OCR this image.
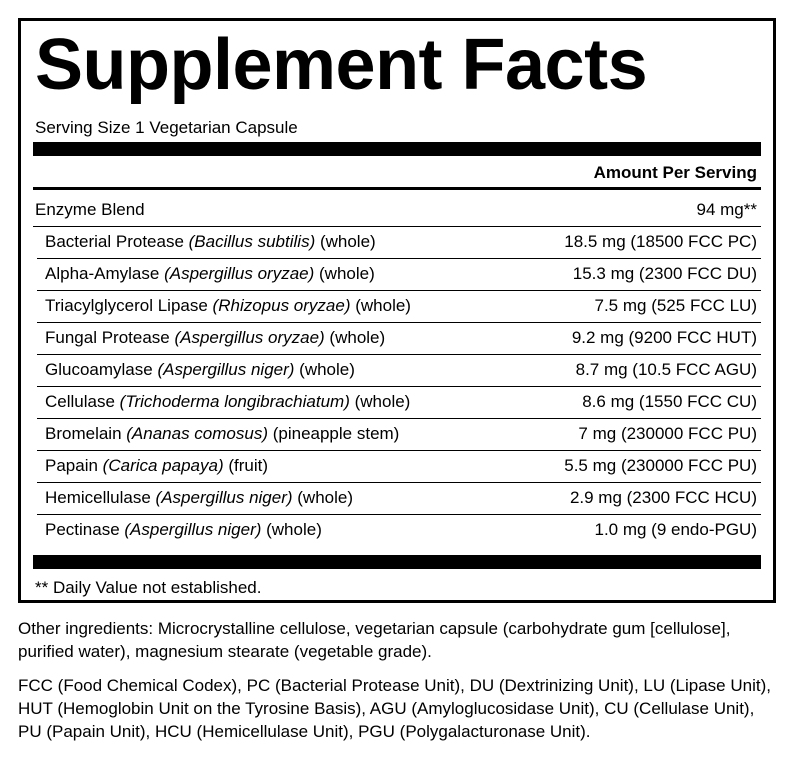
Supplement Facts
Serving Size 1 Vegetarian Capsule
Amount Per Serving
Enzyme Blend	94 mg**
Bacterial Protease (Bacillus subtilis) (whole)	18.5 mg (18500 FCC PC)
Alpha-Amylase (Aspergillus oryzae) (whole)	15.3 mg (2300 FCC DU)
Triacylglycerol Lipase (Rhizopus oryzae) (whole)	7.5 mg (525 FCC LU)
Fungal Protease (Aspergillus oryzae) (whole)	9.2 mg (9200 FCC HUT)
Glucoamylase (Aspergillus niger) (whole)	8.7 mg (10.5 FCC AGU)
Cellulase (Trichoderma longibrachiatum) (whole)	8.6 mg (1550 FCC CU)
Bromelain (Ananas comosus) (pineapple stem)	7 mg (230000 FCC PU)
Papain (Carica papaya) (fruit)	5.5 mg (230000 FCC PU)
Hemicellulase (Aspergillus niger) (whole)	2.9 mg (2300 FCC HCU)
Pectinase (Aspergillus niger) (whole)	1.0 mg (9 endo-PGU)
** Daily Value not established.
Other ingredients: Microcrystalline cellulose, vegetarian capsule (carbohydrate gum [cellulose], purified water), magnesium stearate (vegetable grade).
FCC (Food Chemical Codex), PC (Bacterial Protease Unit), DU (Dextrinizing Unit), LU (Lipase Unit), HUT (Hemoglobin Unit on the Tyrosine Basis), AGU (Amyloglucosidase Unit), CU (Cellulase Unit), PU (Papain Unit), HCU (Hemicellulase Unit), PGU (Polygalacturonase Unit).
